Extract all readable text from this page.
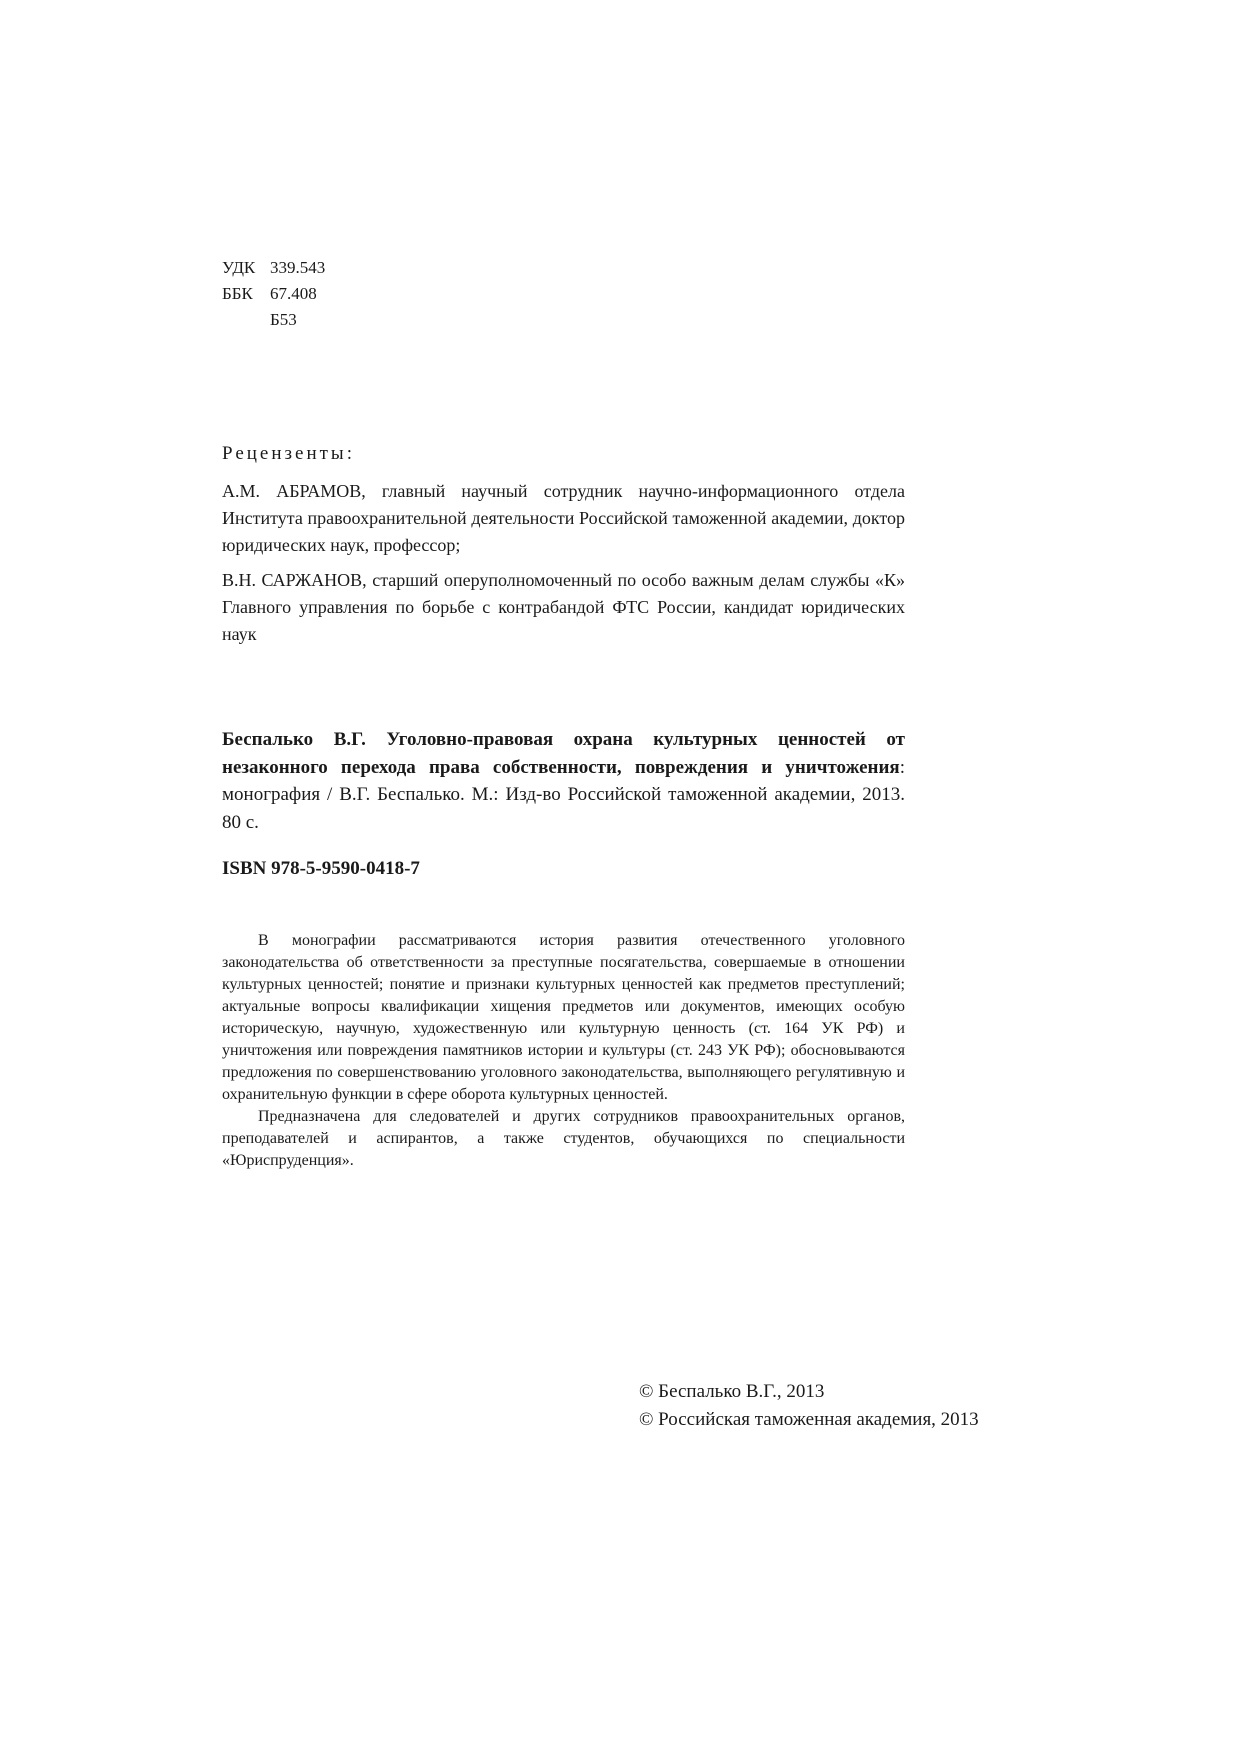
УДК 339.543
ББК	67.408
Б53
Рецензенты:
А.М. АБРАМОВ, главный научный сотрудник научно-информационного отдела Института правоохранительной деятельности Российской таможенной академии, доктор юридических наук, профессор;
В.Н. САРЖАНОВ, старший оперуполномоченный по особо важным делам службы «К» Главного управления по борьбе с контрабандой ФТС России, кандидат юридических наук
Беспалько В.Г. Уголовно-правовая охрана культурных ценностей от незаконного перехода права собственности, повреждения и уничтожения: монография / В.Г. Беспалько. М.: Изд-во Российской таможенной академии, 2013. 80 с.
ISBN 978-5-9590-0418-7

В монографии рассматриваются история развития отечественного уголовного законодательства об ответственности за преступные посягательства, совершаемые в отношении культурных ценностей; понятие и признаки культурных ценностей как предметов преступлений; актуальные вопросы квалификации хищения предметов или документов, имеющих особую историческую, научную, художественную или культурную ценность (ст. 164 УК РФ) и уничтожения или повреждения памятников истории и культуры (ст. 243 УК РФ); обосновываются предложения по совершенствованию уголовного законодательства, выполняющего регулятивную и охранительную функции в сфере оборота культурных ценностей.

Предназначена для следователей и других сотрудников правоохранительных органов, преподавателей и аспирантов, а также студентов, обучающихся по специальности «Юриспруденция».

© Беспалько В.Г., 2013
© Российская таможенная академия, 2013
